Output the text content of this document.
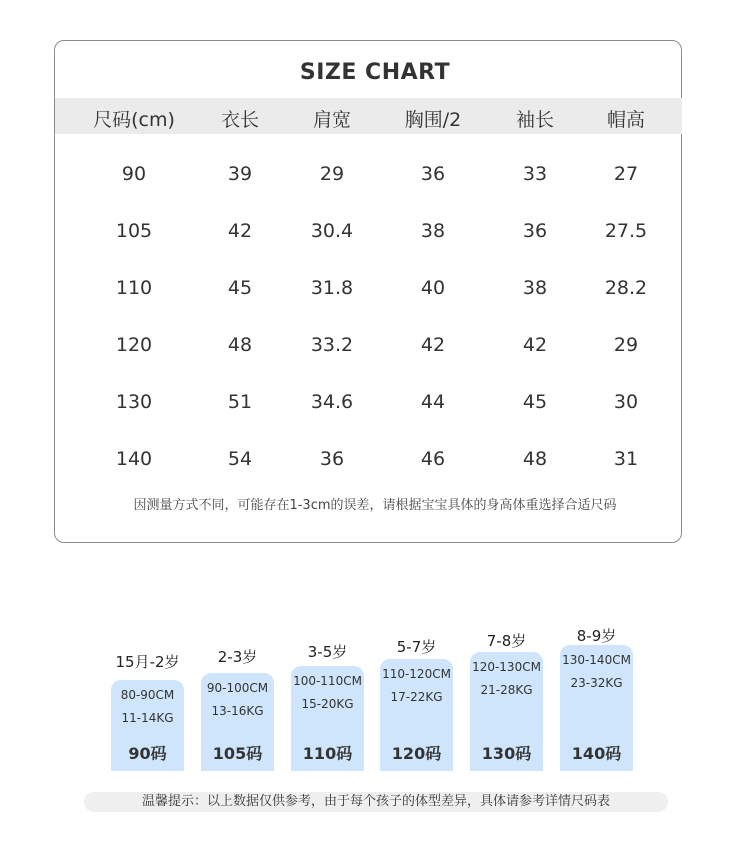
SIZE CHART
尺码(cm) 衣长	肩宽	胸围/2	袖长	帽高
90	39	29	36	33	27
105	42	30.4	38	36	27.5
110	45	31.8	40	38	28.2
120	48	33.2	42	42	29
130	51	34.6	44	45	30
140	54	36	46	48	31
因测量方式不同，可能存在1-3cm的误差，请根据宝宝具体的身高体重选择合适尺码
15月-2岁
80-90CM
11-14KG
90码
2-3岁
90-100CM
13-16KG
105码
3-5岁
100-110CM
15-20KG
110码
5-7岁
110-120CM
17-22KG
120码
7-8岁
120-130CM
21-28KG
130码
8-9岁
130-140CM
23-32KG
140码
温馨提示：以上数据仅供参考，由于每个孩子的体型差异，具体请参考详情尺码表
